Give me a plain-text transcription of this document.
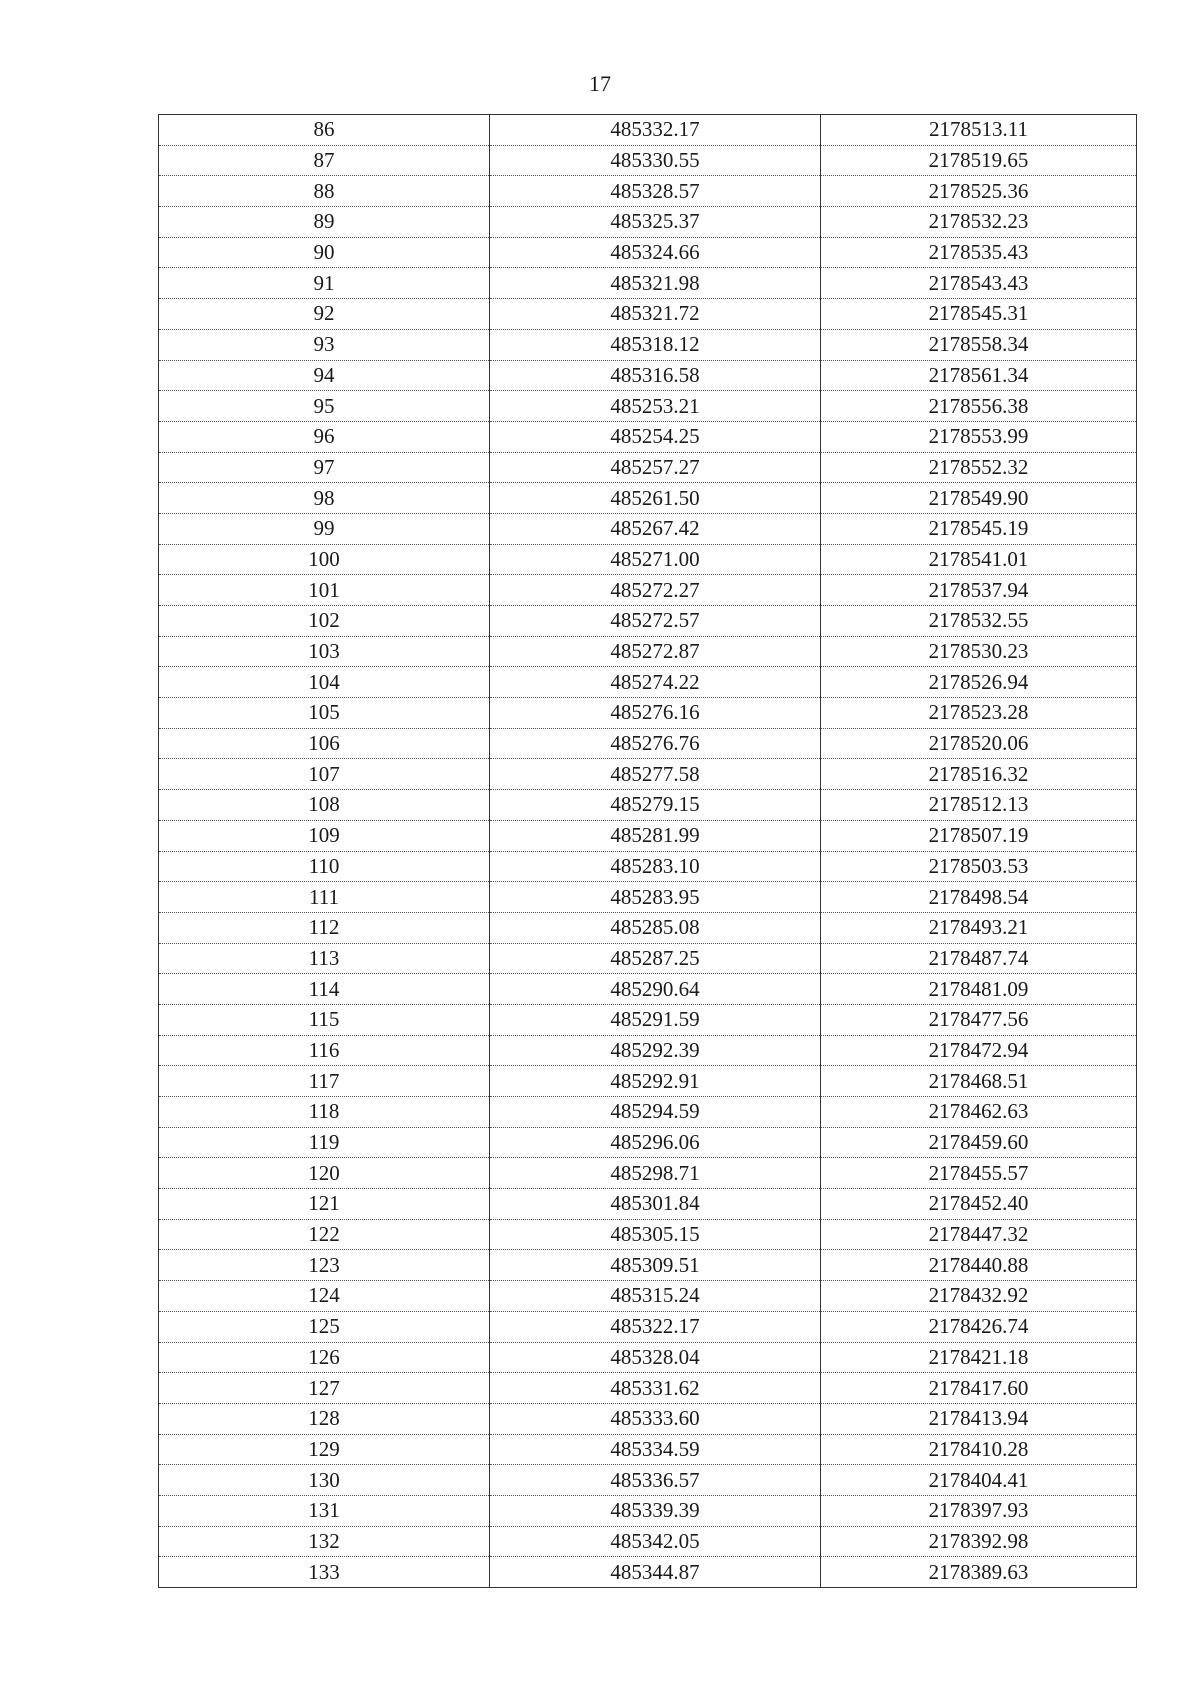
17
86	485332.17	2178513.11
87	485330.55	2178519.65
88	485328.57	2178525.36
89	485325.37	2178532.23
90	485324.66	2178535.43
91	485321.98	2178543.43
92	485321.72	2178545.31
93	485318.12	2178558.34
94	485316.58	2178561.34
95	485253.21	2178556.38
96	485254.25	2178553.99
97	485257.27	2178552.32
98	485261.50	2178549.90
99	485267.42	2178545.19
100	485271.00	2178541.01
101	485272.27	2178537.94
102	485272.57	2178532.55
103	485272.87	2178530.23
104	485274.22	2178526.94
105	485276.16	2178523.28
106	485276.76	2178520.06
107	485277.58	2178516.32
108	485279.15	2178512.13
109	485281.99	2178507.19
110	485283.10	2178503.53
111	485283.95	2178498.54
112	485285.08	2178493.21
113	485287.25	2178487.74
114	485290.64	2178481.09
115	485291.59	2178477.56
116	485292.39	2178472.94
117	485292.91	2178468.51
118	485294.59	2178462.63
119	485296.06	2178459.60
120	485298.71	2178455.57
121	485301.84	2178452.40
122	485305.15	2178447.32
123	485309.51	2178440.88
124	485315.24	2178432.92
125	485322.17	2178426.74
126	485328.04	2178421.18
127	485331.62	2178417.60
128	485333.60	2178413.94
129	485334.59	2178410.28
130	485336.57	2178404.41
131	485339.39	2178397.93
132	485342.05	2178392.98
133	485344.87	2178389.63
